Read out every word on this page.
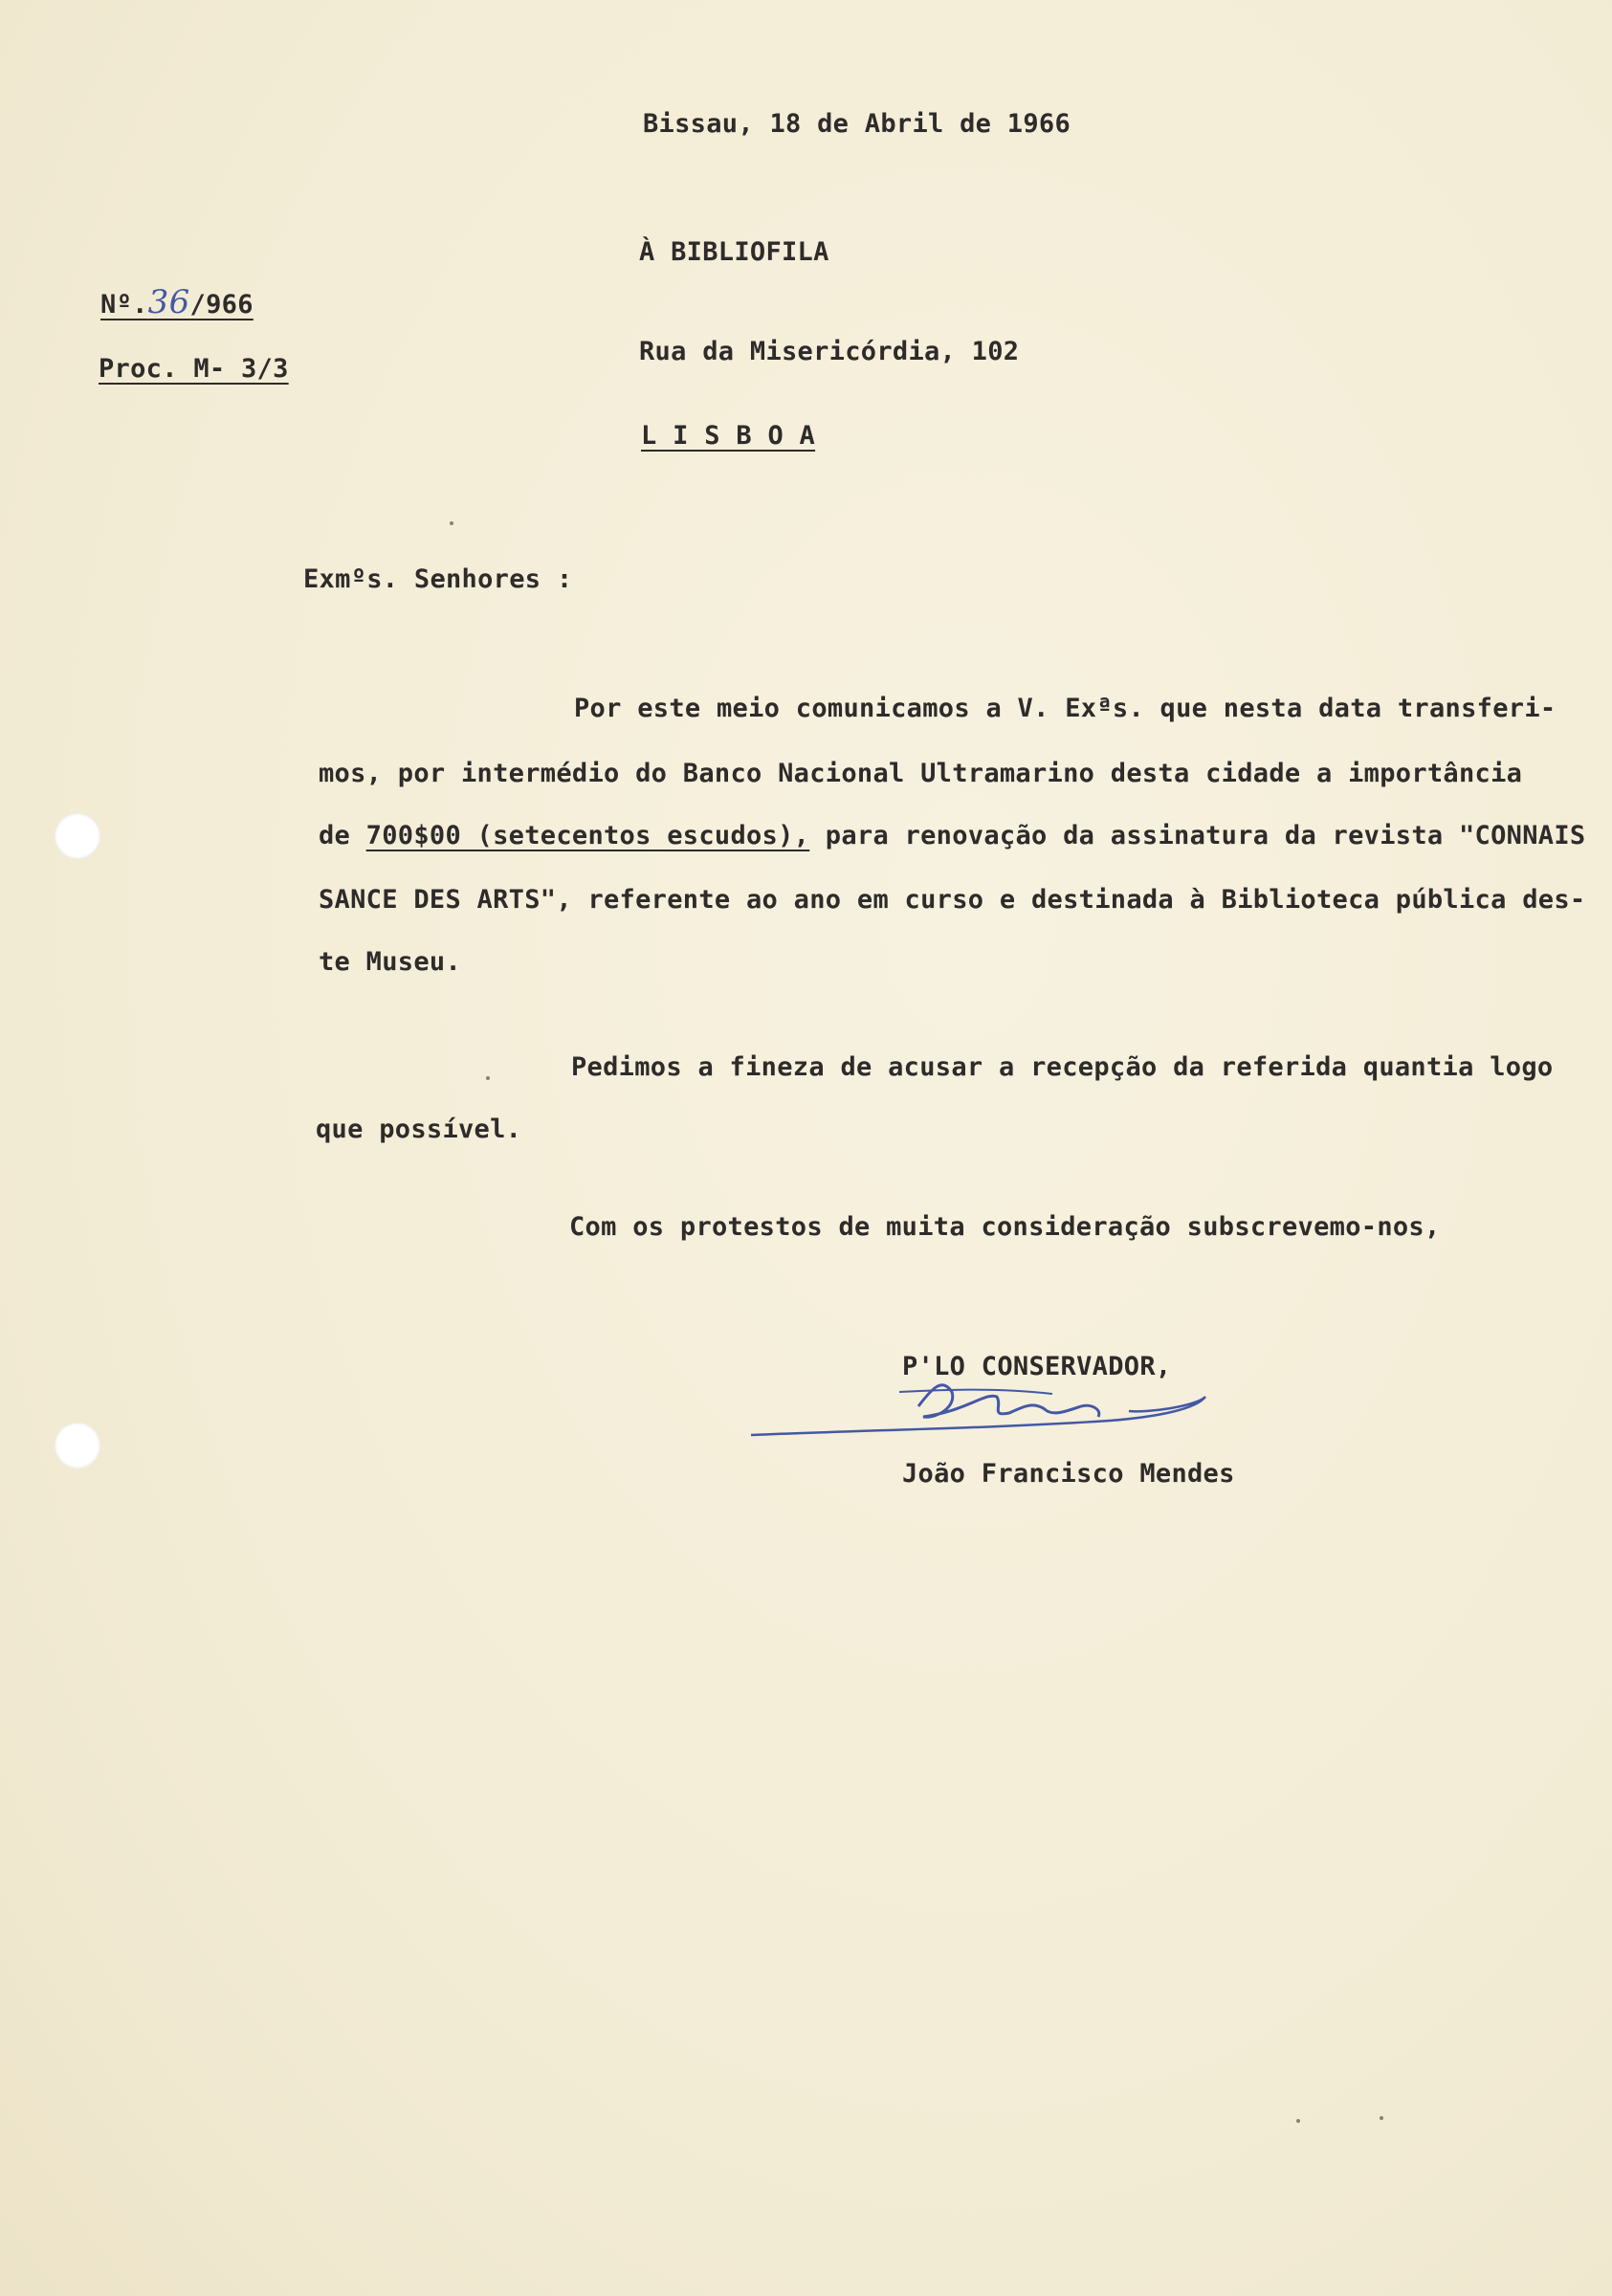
Bissau, 18 de Abril de 1966
Nº.36/966
Proc. M- 3/3
À BIBLIOFILA
Rua da Misericórdia, 102
L I S B O A
Exmºs. Senhores :
Por este meio comunicamos a V. Exªs. que nesta data transferi-
mos, por intermédio do Banco Nacional Ultramarino desta cidade a importância
de 700$00 (setecentos escudos), para renovação da assinatura da revista "CONNAIS
SANCE DES ARTS", referente ao ano em curso e destinada à Biblioteca pública des-
te Museu.
Pedimos a fineza de acusar a recepção da referida quantia logo
que possível.
Com os protestos de muita consideração subscrevemo-nos,
P'LO CONSERVADOR,
João Francisco Mendes
